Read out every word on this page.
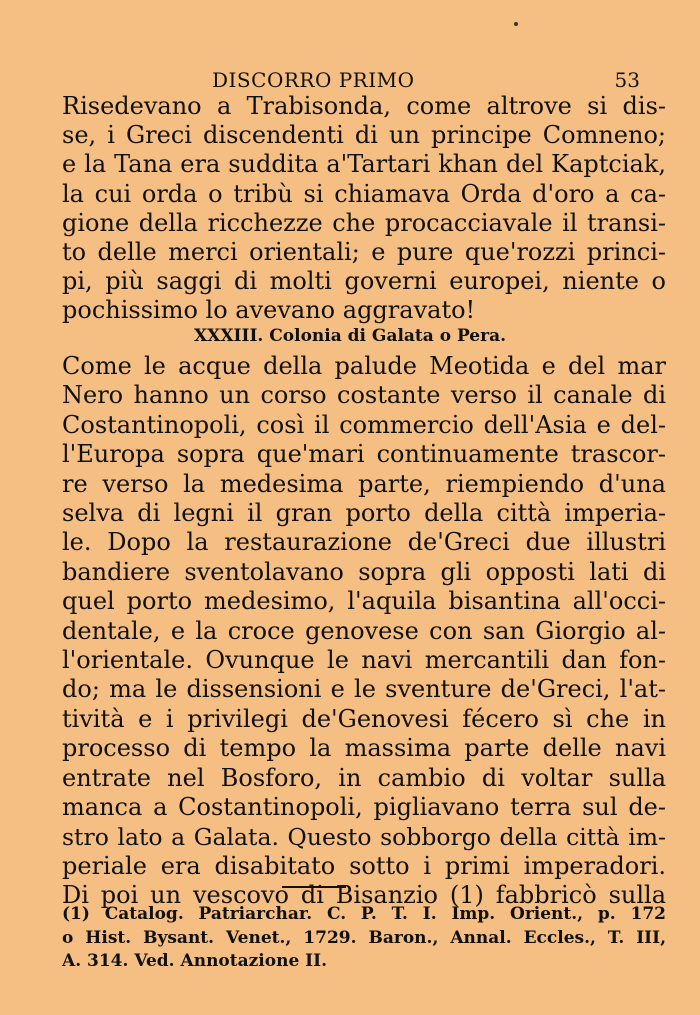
DISCORRO PRIMO	53

Risedevano a Trabisonda, come altrove si dis-
se, i Greci discendenti di un principe Comneno;
e la Tana era suddita a'Tartari khan del Kaptciak,
la cui orda o tribù si chiamava Orda d'oro a ca-
gione della ricchezze che procacciavale il transi-
to delle merci orientali; e pure que'rozzi princi-
pi, più saggi di molti governi europei, niente o
pochissimo lo avevano aggravato!

XXXIII. Colonia di Galata o Pera.

Come le acque della palude Meotida e del mar
Nero hanno un corso costante verso il canale di
Costantinopoli, così il commercio dell'Asia e del-
l'Europa sopra que'mari continuamente trascor-
re verso la medesima parte, riempiendo d'una
selva di legni il gran porto della città imperia-
le. Dopo la restaurazione de'Greci due illustri
bandiere sventolavano sopra gli opposti lati di
quel porto medesimo, l'aquila bisantina all'occi-
dentale, e la croce genovese con san Giorgio al-
l'orientale. Ovunque le navi mercantili dan fon-
do; ma le dissensioni e le sventure de'Greci, l'at-
tività e i privilegi de'Genovesi fécero sì che in
processo di tempo la massima parte delle navi
entrate nel Bosforo, in cambio di voltar sulla
manca a Costantinopoli, pigliavano terra sul de-
stro lato a Galata. Questo sobborgo della città im-
periale era disabitato sotto i primi imperadori.
Di poi un vescovo di Bisanzio (1) fabbricò sulla

(1) Catalog. Patriarchar. C. P. T. I. Imp. Orient., p. 172
o Hist. Bysant. Venet., 1729. Baron., Annal. Eccles., T. III,
A. 314. Ved. Annotazione II.
